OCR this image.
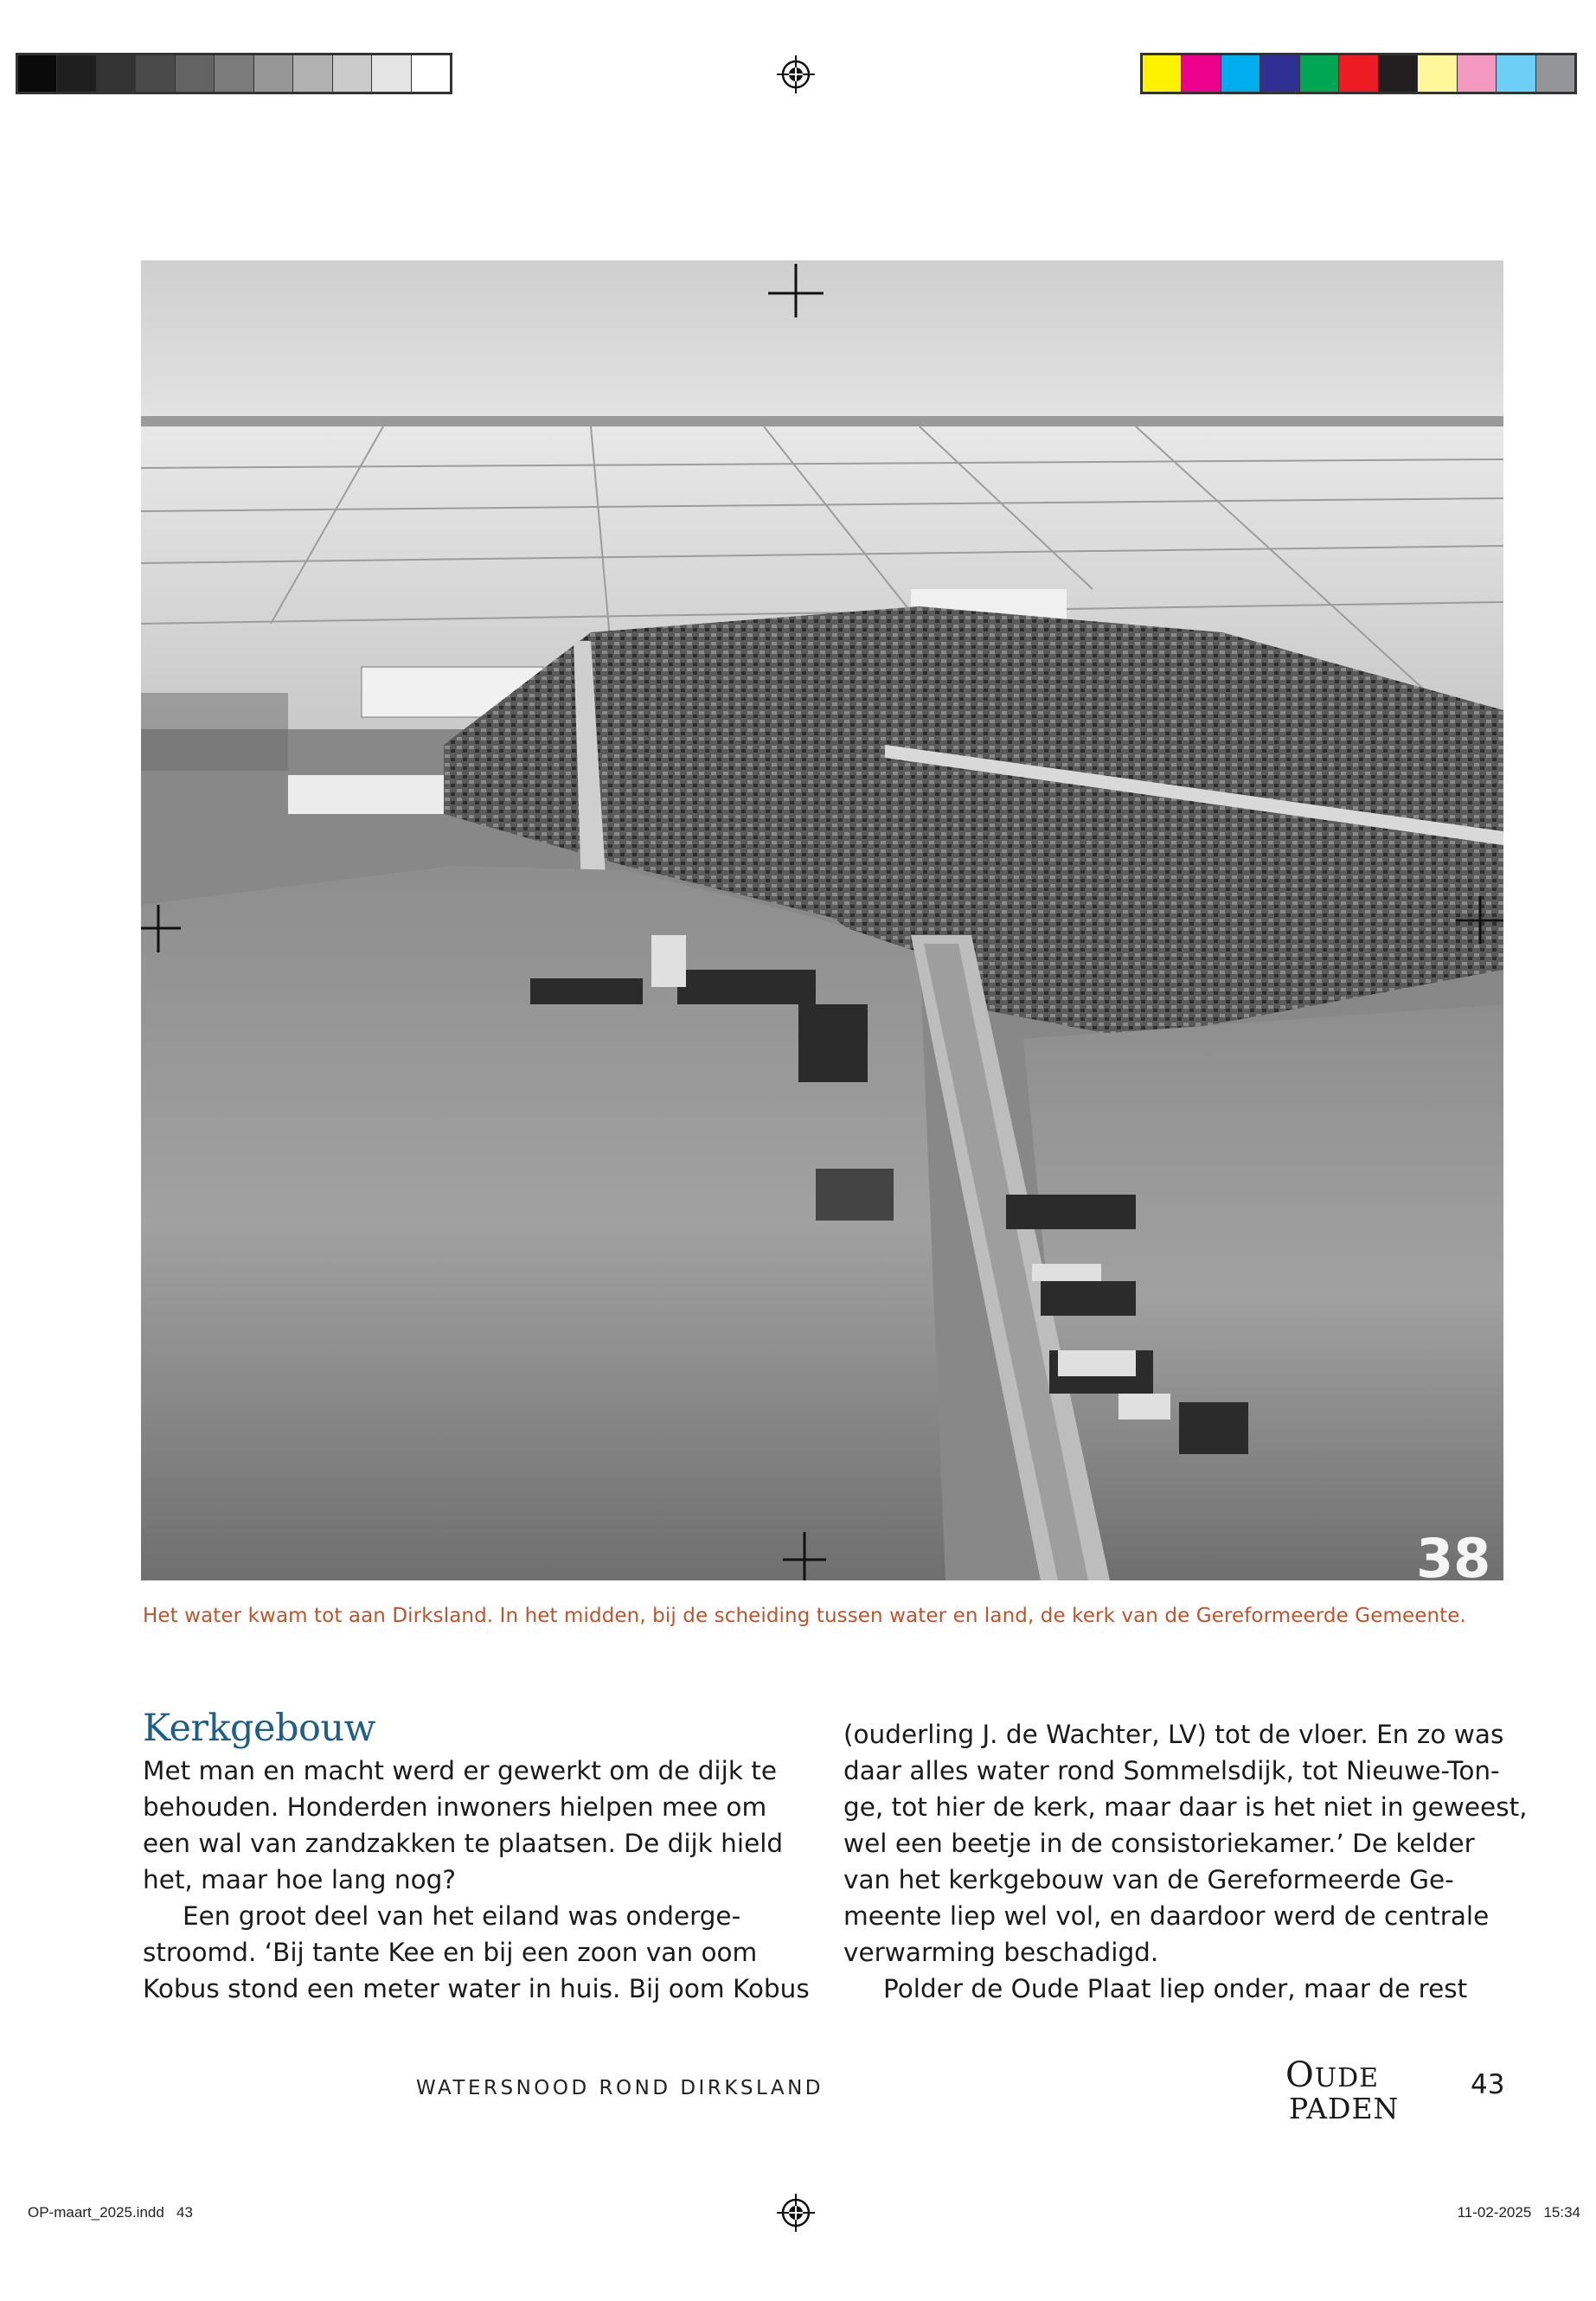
38
Het water kwam tot aan Dirksland. In het midden, bij de scheiding tussen water en land, de kerk van de Gereformeerde Gemeente.
Kerkgebouw

Met man en macht werd er gewerkt om de dijk te

behouden. Honderden inwoners hielpen mee om

een wal van zandzakken te plaatsen. De dijk hield

het, maar hoe lang nog?

Een groot deel van het eiland was onderge-

stroomd. ‘Bij tante Kee en bij een zoon van oom

Kobus stond een meter water in huis. Bij oom Kobus

(ouderling J. de Wachter, LV) tot de vloer. En zo was

daar alles water rond Sommelsdijk, tot Nieuwe-Ton-

ge, tot hier de kerk, maar daar is het niet in geweest,

wel een beetje in de consistoriekamer.’ De kelder

van het kerkgebouw van de Gereformeerde Ge-

meente liep wel vol, en daardoor werd de centrale

verwarming beschadigd.

Polder de Oude Plaat liep onder, maar de rest

WATERSNOOD ROND DIRKSLAND	OUDE
PADEN
43
OP-maart_2025.indd   43	11-02-2025   15:34
